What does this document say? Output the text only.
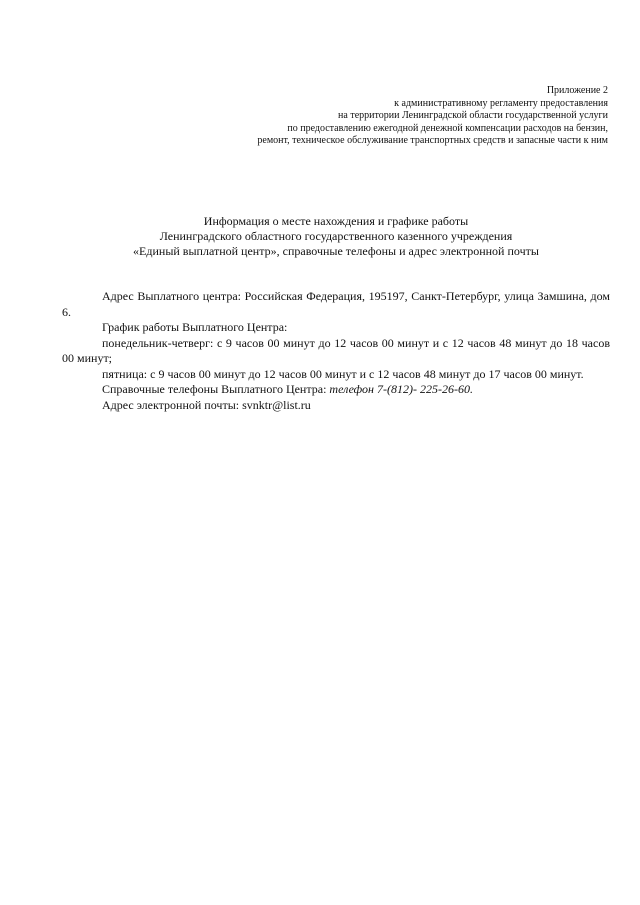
Приложение 2
к административному регламенту предоставления
на территории Ленинградской области государственной услуги
по предоставлению ежегодной денежной компенсации расходов на бензин,
ремонт, техническое обслуживание транспортных средств и запасные части к ним
Информация о месте нахождения и графике работы
Ленинградского областного государственного казенного учреждения
«Единый выплатной центр», справочные телефоны и адрес электронной почты

Адрес Выплатного центра: Российская Федерация, 195197, Санкт-Петербург, улица Замшина, дом 6.

График работы Выплатного Центра:

понедельник-четверг: с 9 часов 00 минут до 12 часов 00 минут и с 12 часов 48 минут до 18 часов 00 минут;

пятница: с 9 часов 00 минут до 12 часов 00 минут и с 12 часов 48 минут до 17 часов 00 минут.

Справочные телефоны Выплатного Центра: телефон 7-(812)- 225-26-60.

Адрес электронной почты: svnktr@list.ru
